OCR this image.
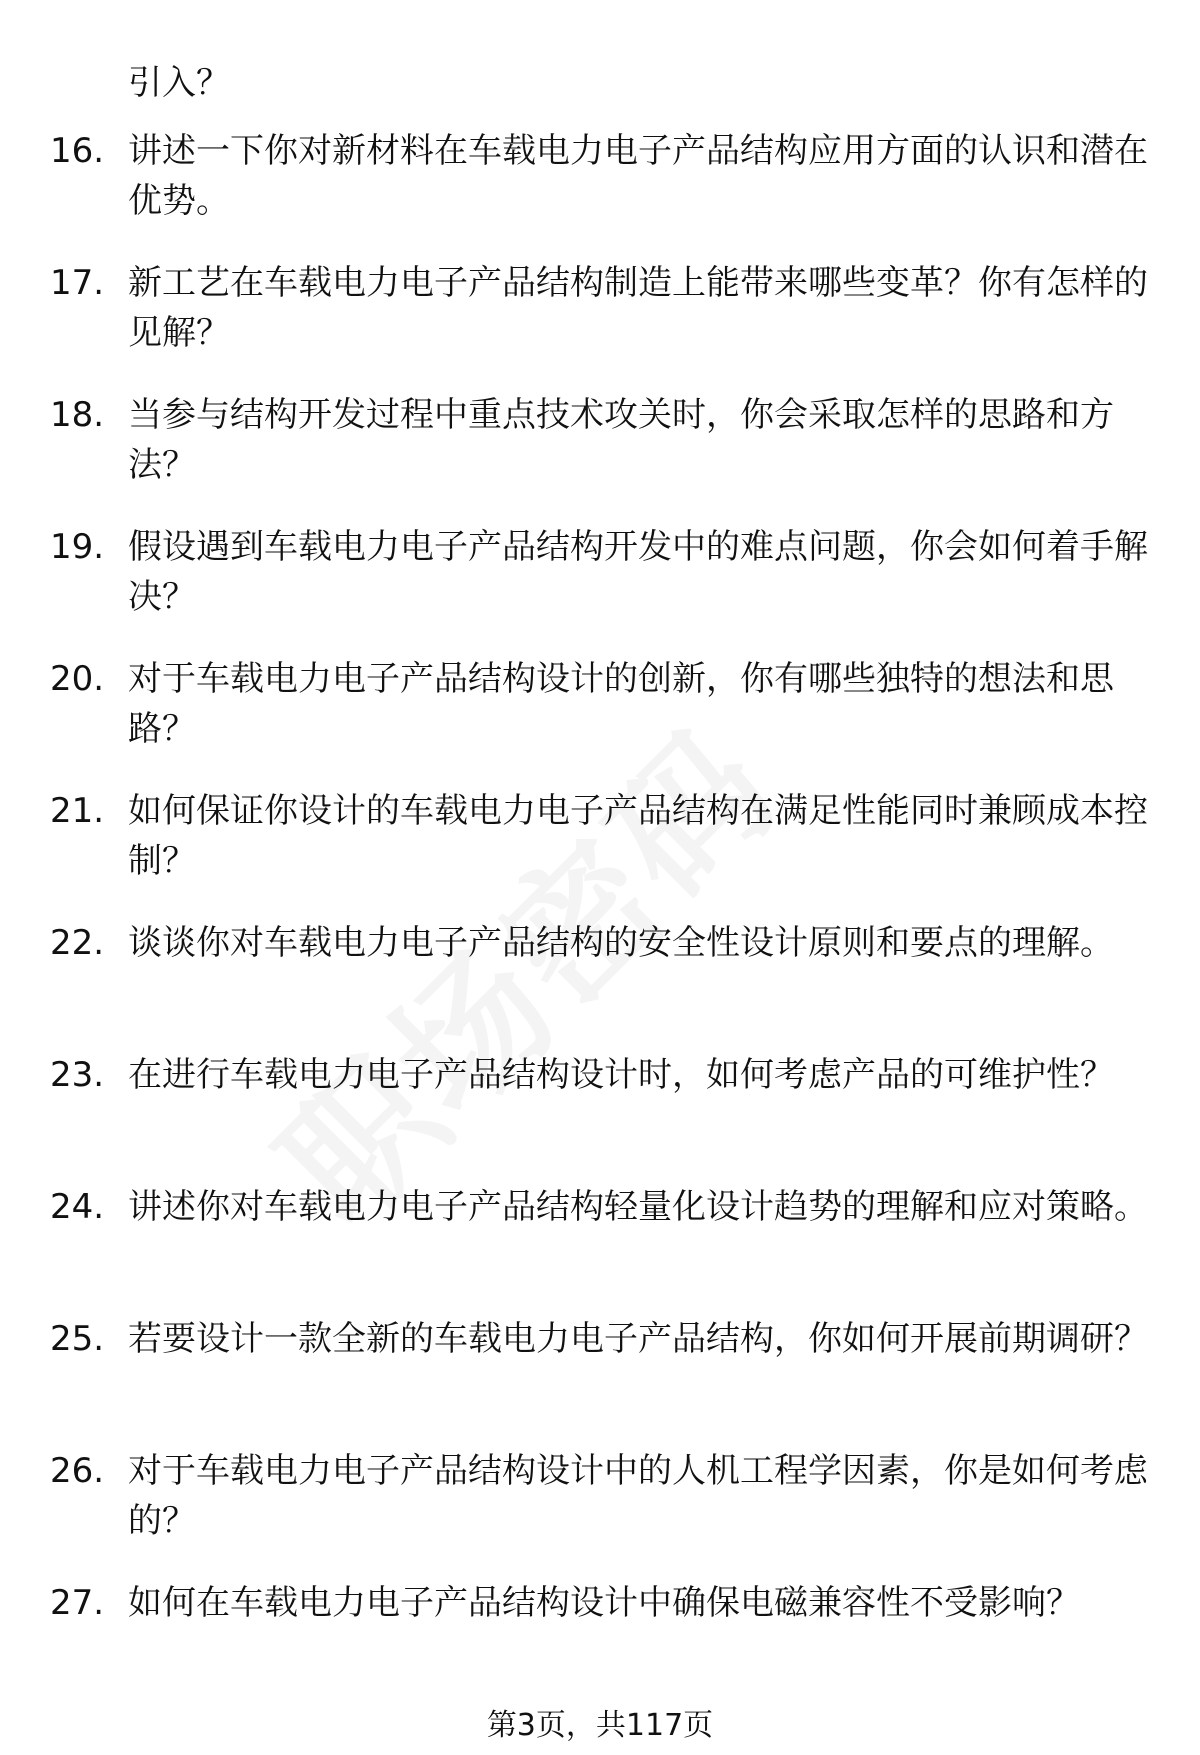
引入？
16. 讲述一下你对新材料在车载电力电子产品结构应用方面的认识和潜在优势。
17. 新工艺在车载电力电子产品结构制造上能带来哪些变革？你有怎样的见解？
18. 当参与结构开发过程中重点技术攻关时，你会采取怎样的思路和方法？
19. 假设遇到车载电力电子产品结构开发中的难点问题，你会如何着手解决？
20. 对于车载电力电子产品结构设计的创新，你有哪些独特的想法和思路？
21. 如何保证你设计的车载电力电子产品结构在满足性能同时兼顾成本控制？
22. 谈谈你对车载电力电子产品结构的安全性设计原则和要点的理解。
23. 在进行车载电力电子产品结构设计时，如何考虑产品的可维护性？
24. 讲述你对车载电力电子产品结构轻量化设计趋势的理解和应对策略。
25. 若要设计一款全新的车载电力电子产品结构，你如何开展前期调研？
26. 对于车载电力电子产品结构设计中的人机工程学因素，你是如何考虑的？
27. 如何在车载电力电子产品结构设计中确保电磁兼容性不受影响？
第3页，共117页
